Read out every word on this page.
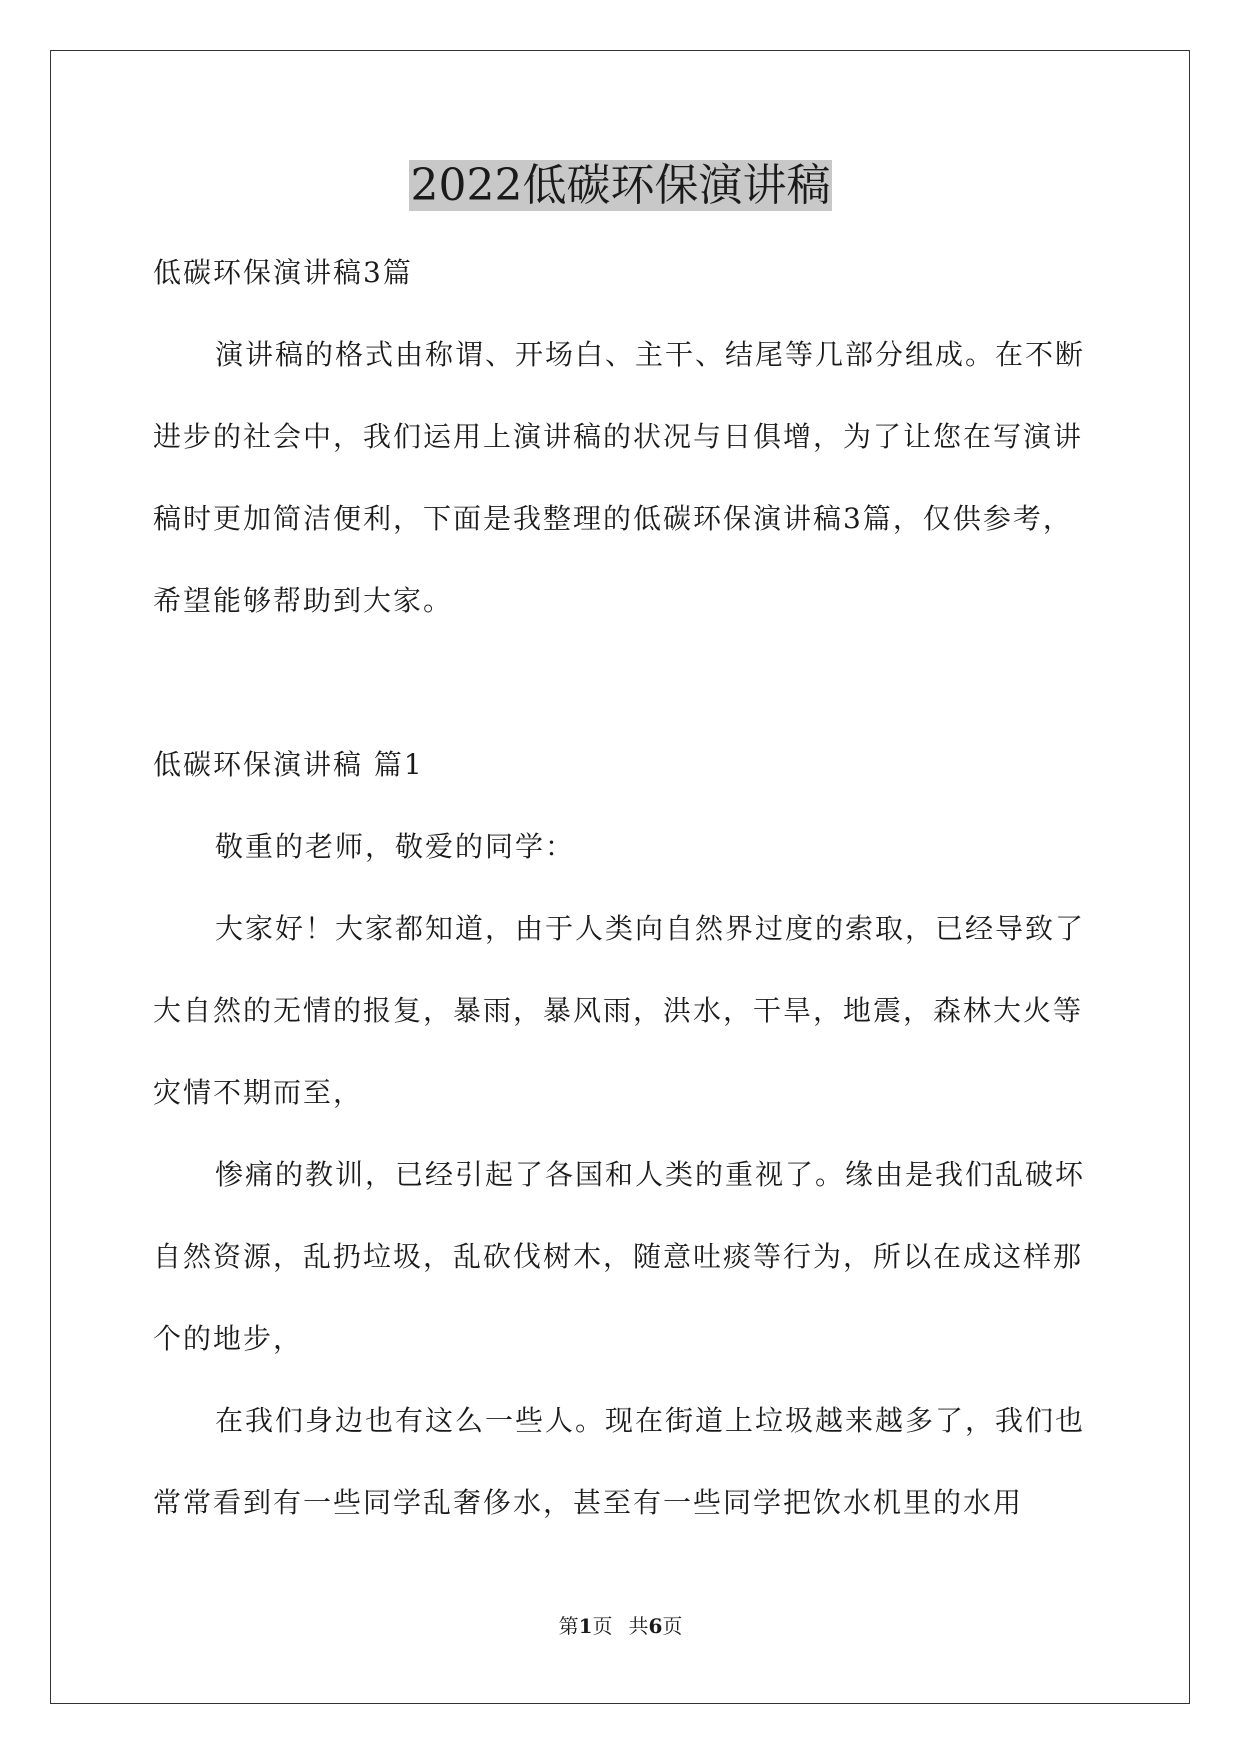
2022低碳环保演讲稿

低碳环保演讲稿3篇

演讲稿的格式由称谓、开场白、主干、结尾等几部分组成。在不断进步的社会中，我们运用上演讲稿的状况与日俱增，为了让您在写演讲稿时更加简洁便利，下面是我整理的低碳环保演讲稿3篇，仅供参考，希望能够帮助到大家。

低碳环保演讲稿 篇1

敬重的老师，敬爱的同学：

大家好！大家都知道，由于人类向自然界过度的索取，已经导致了大自然的无情的报复，暴雨，暴风雨，洪水，干旱，地震，森林大火等灾情不期而至，

惨痛的教训，已经引起了各国和人类的重视了。缘由是我们乱破坏自然资源，乱扔垃圾，乱砍伐树木，随意吐痰等行为，所以在成这样那个的地步，

在我们身边也有这么一些人。现在街道上垃圾越来越多了，我们也常常看到有一些同学乱奢侈水，甚至有一些同学把饮水机里的水用

第1页 共6页
